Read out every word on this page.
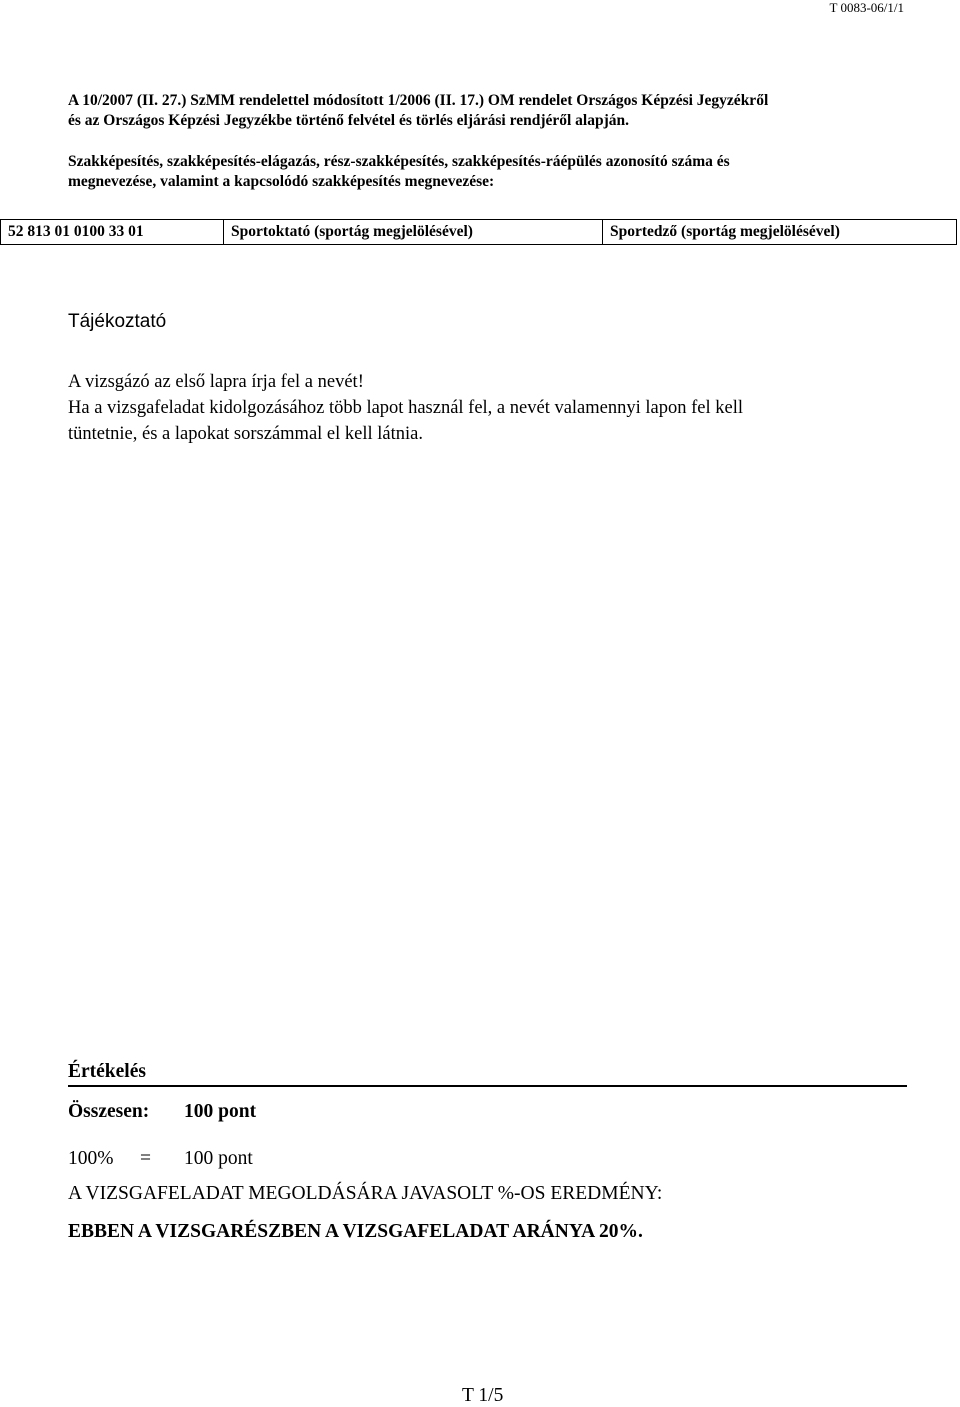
T 0083-06/1/1
A 10/2007 (II. 27.) SzMM rendelettel módosított 1/2006 (II. 17.) OM rendelet Országos Képzési Jegyzékről
és az Országos Képzési Jegyzékbe történő felvétel és törlés eljárási rendjéről alapján.
Szakképesítés, szakképesítés-elágazás, rész-szakképesítés, szakképesítés-ráépülés azonosító száma és
megnevezése, valamint a kapcsolódó szakképesítés megnevezése:
52 813 01 0100 33 01	Sportoktató (sportág megjelölésével)	Sportedző (sportág megjelölésével)
Tájékoztató

A vizsgázó az első lapra írja fel a nevét!

Ha a vizsgafeladat kidolgozásához több lapot használ fel, a nevét valamennyi lapon fel kell

tüntetnie, és a lapokat sorszámmal el kell látnia.

Értékelés
Összesen: 100 pont
100% = 100 pont
A VIZSGAFELADAT MEGOLDÁSÁRA JAVASOLT %-OS EREDMÉNY:
EBBEN A VIZSGARÉSZBEN A VIZSGAFELADAT ARÁNYA 20%.
T 1/5
